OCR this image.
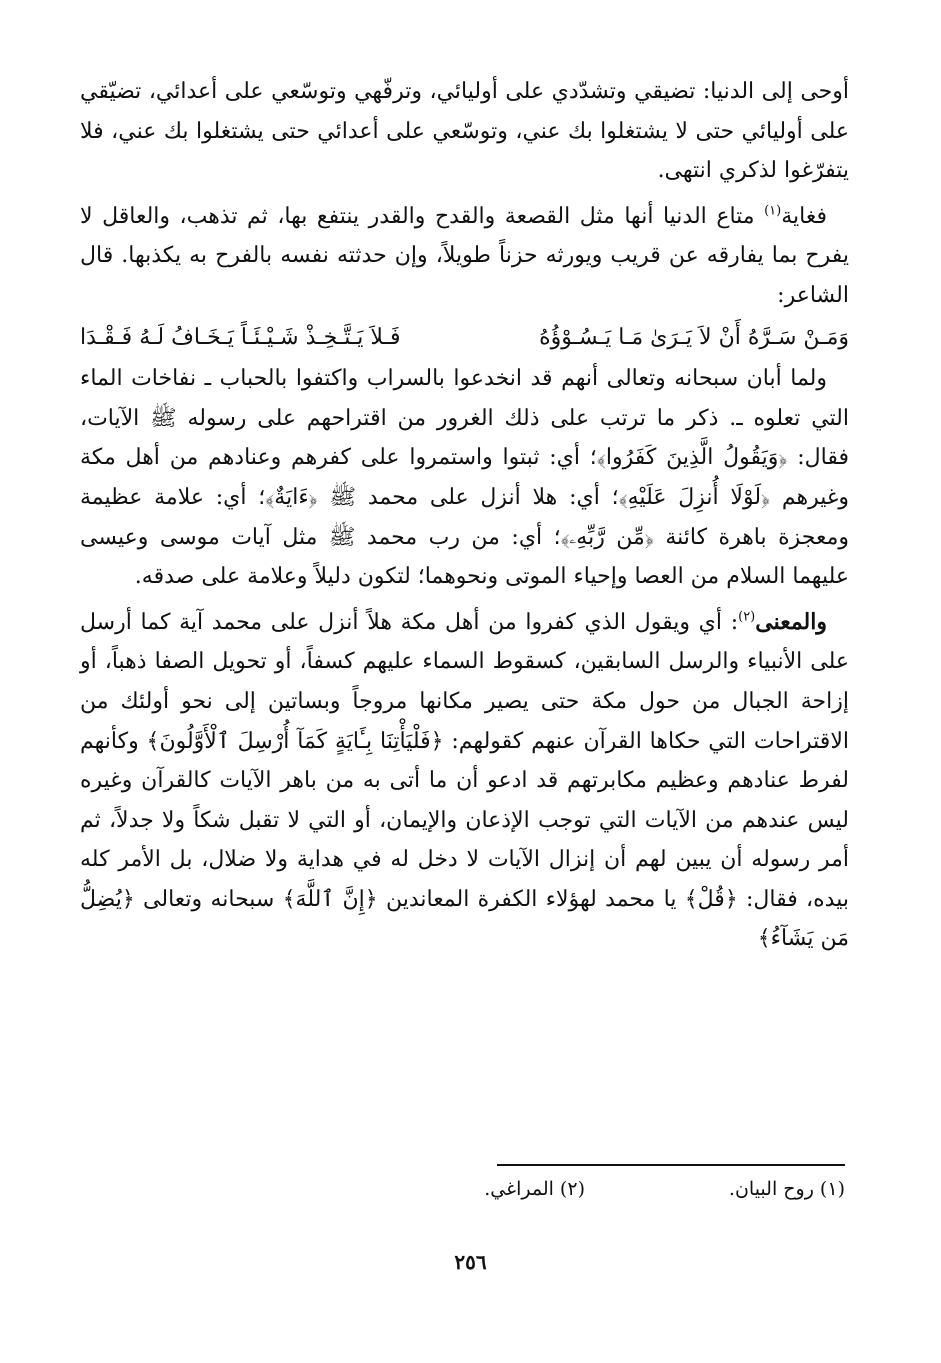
أوحى إلى الدنيا: تضيقي وتشدّدي على أوليائي، وترفّهي وتوسّعي على أعدائي، تضيّقي على أوليائي حتى لا يشتغلوا بك عني، وتوسّعي على أعدائي حتى يشتغلوا بك عني، فلا يتفرّغوا لذكري انتهى.

فغاية$^{(١)}$ متاع الدنيا أنها مثل القصعة والقدح والقدر ينتفع بها، ثم تذهب، والعاقل لا يفرح بما يفارقه عن قريب ويورثه حزناً طويلاً، وإن حدثته نفسه بالفرح به يكذبها. قال الشاعر:

وَمَـنْ سَـرَّهُ أَنْ لاَ يَـرَىٰ مَـا يَـسُـوْؤُهُ
فَـلاَ يَـتَّـخِـذْ شَـيْـئَـاً يَـخَـافُ لَـهُ فَـقْـدَا

ولما أبان سبحانه وتعالى أنهم قد انخدعوا بالسراب واكتفوا بالحباب ـ نفاخات الماء التي تعلوه ـ. ذكر ما ترتب على ذلك الغرور من اقتراحهم على رسوله ﷺ الآيات، فقال: ﴿وَيَقُولُ الَّذِينَ كَفَرُوا﴾؛ أي: ثبتوا واستمروا على كفرهم وعنادهم من أهل مكة وغيرهم ﴿لَوْلَا أُنزِلَ عَلَيْهِ﴾؛ أي: هلا أنزل على محمد ﷺ ﴿ءَايَةٌ﴾؛ أي: علامة عظيمة ومعجزة باهرة كائنة ﴿مِّن رَّبِّهِۦ﴾؛ أي: من رب محمد ﷺ مثل آيات موسى وعيسى عليهما السلام من العصا وإحياء الموتى ونحوهما؛ لتكون دليلاً وعلامة على صدقه.

والمعنى$^{(٢)}$: أي ويقول الذي كفروا من أهل مكة هلاً أنزل على محمد آية كما أرسل على الأنبياء والرسل السابقين، كسقوط السماء عليهم كسفاً، أو تحويل الصفا ذهباً، أو إزاحة الجبال من حول مكة حتى يصير مكانها مروجاً وبساتين إلى نحو أولئك من الاقتراحات التي حكاها القرآن عنهم كقولهم: ﴿فَلْيَأْتِنَا بِـَٔايَةٍ كَمَآ أُرْسِلَ ٱلْأَوَّلُونَ﴾ وكأنهم لفرط عنادهم وعظيم مكابرتهم قد ادعو أن ما أتى به من باهر الآيات كالقرآن وغيره ليس عندهم من الآيات التي توجب الإذعان والإيمان، أو التي لا تقبل شكاً ولا جدلاً، ثم أمر رسوله أن يبين لهم أن إنزال الآيات لا دخل له في هداية ولا ضلال، بل الأمر كله بيده، فقال: ﴿قُلْ﴾ يا محمد لهؤلاء الكفرة المعاندين ﴿إِنَّ ٱللَّهَ﴾ سبحانه وتعالى ﴿يُضِلُّ مَن يَشَآءُ﴾

(١) روح البيان.
(٢) المراغي.
٢٥٦
